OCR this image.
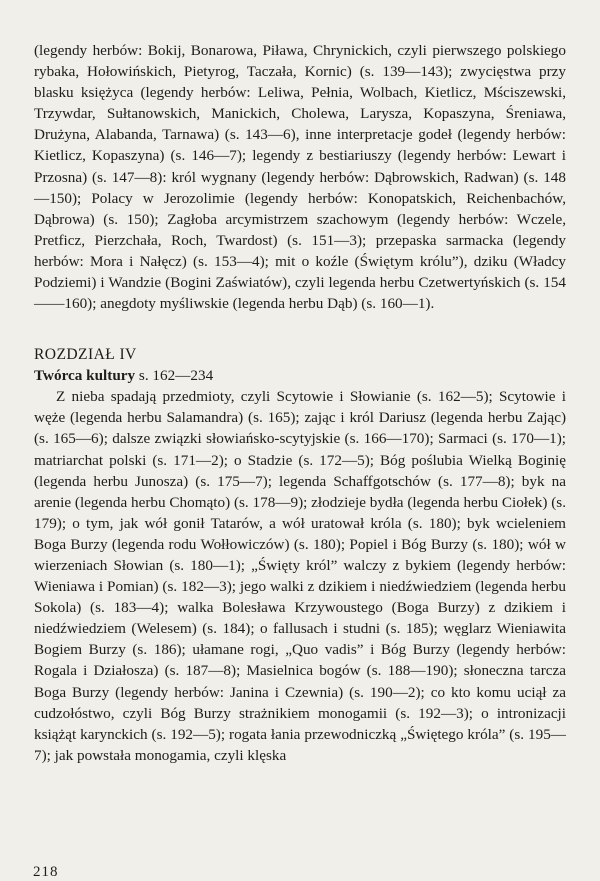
(legendy herbów: Bokij, Bonarowa, Piława, Chrynickich, czyli pierwszego polskiego rybaka, Hołowińskich, Pietyrog, Taczała, Kornic) (s. 139—143); zwycięstwa przy blasku księżyca (legendy herbów: Leliwa, Pełnia, Wolbach, Kietlicz, Mściszewski, Trzywdar, Sułtanowskich, Manickich, Cholewa, Larysza, Kopaszyna, Śreniawa, Drużyna, Alabanda, Tarnawa) (s. 143—6), inne interpretacje godeł (legendy herbów: Kietlicz, Kopaszyna) (s. 146—7); legendy z bestiariuszy (legendy herbów: Lewart i Przosna) (s. 147—8): król wygnany (legendy herbów: Dąbrowskich, Radwan) (s. 148—150); Polacy w Jerozolimie (legendy herbów: Konopatskich, Reichenbachów, Dąbrowa) (s. 150); Zagłoba arcymistrzem szachowym (legendy herbów: Wczele, Pretficz, Pierzchała, Roch, Twardost) (s. 151—3); przepaska sarmacka (legendy herbów: Mora i Nałęcz) (s. 153—4); mit o koźle (Świętym królu”), dziku (Władcy Podziemi) i Wandzie (Bogini Zaświatów), czyli legenda herbu Czetwertyńskich (s. 154——160); anegdoty myśliwskie (legenda herbu Dąb) (s. 160—1).

ROZDZIAŁ IV
Twórca kultury s. 162—234

Z nieba spadają przedmioty, czyli Scytowie i Słowianie (s. 162—5); Scytowie i węże (legenda herbu Salamandra) (s. 165); zając i król Dariusz (legenda herbu Zając) (s. 165—6); dalsze związki słowiańsko-scytyjskie (s. 166—170); Sarmaci (s. 170—1); matriarchat polski (s. 171—2); o Stadzie (s. 172—5); Bóg poślubia Wielką Boginię (legenda herbu Junosza) (s. 175—7); legenda Schaffgotschów (s. 177—8); byk na arenie (legenda herbu Chomąto) (s. 178—9); złodzieje bydła (legenda herbu Ciołek) (s. 179); o tym, jak wół gonił Tatarów, a wół uratował króla (s. 180); byk wcieleniem Boga Burzy (legenda rodu Wołłowiczów) (s. 180); Popiel i Bóg Burzy (s. 180); wół w wierzeniach Słowian (s. 180—1); „Święty król” walczy z bykiem (legendy herbów: Wieniawa i Pomian) (s. 182—3); jego walki z dzikiem i niedźwiedziem (legenda herbu Sokola) (s. 183—4); walka Bolesława Krzywoustego (Boga Burzy) z dzikiem i niedźwiedziem (Welesem) (s. 184); o fallusach i studni (s. 185); węglarz Wieniawita Bogiem Burzy (s. 186); ułamane rogi, „Quo vadis” i Bóg Burzy (legendy herbów: Rogala i Działosza) (s. 187—8); Masielnica bogów (s. 188—190); słoneczna tarcza Boga Burzy (legendy herbów: Janina i Czewnia) (s. 190—2); co kto komu uciął za cudzołóstwo, czyli Bóg Burzy strażnikiem monogamii (s. 192—3); o intronizacji książąt karynckich (s. 192—5); rogata łania przewodniczką „Świętego króla” (s. 195—7); jak powstała monogamia, czyli klęska

218
